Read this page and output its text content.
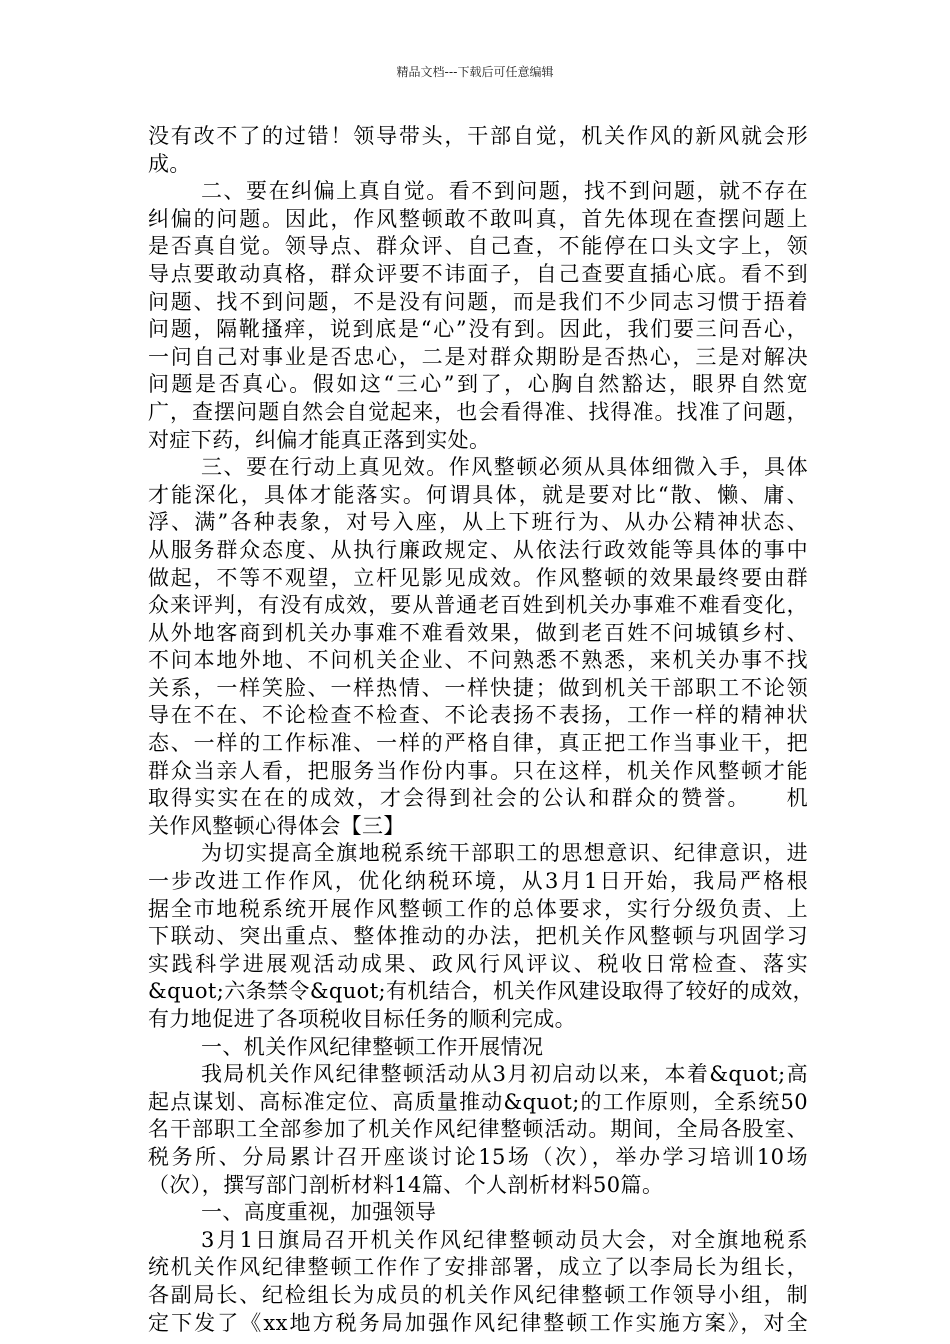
精品文档---下载后可任意编辑
没有改不了的过错！领导带头，干部自觉，机关作风的新风就会形
成。
二、要在纠偏上真自觉。看不到问题，找不到问题，就不存在
纠偏的问题。因此，作风整顿敢不敢叫真，首先体现在查摆问题上
是否真自觉。领导点、群众评、自己查，不能停在口头文字上，领
导点要敢动真格，群众评要不讳面子，自己查要直插心底。看不到
问题、找不到问题，不是没有问题，而是我们不少同志习惯于捂着
问题，隔靴搔痒，说到底是“心”没有到。因此，我们要三问吾心，
一问自己对事业是否忠心，二是对群众期盼是否热心，三是对解决
问题是否真心。假如这“三心”到了，心胸自然豁达，眼界自然宽
广，查摆问题自然会自觉起来，也会看得准、找得准。找准了问题，
对症下药，纠偏才能真正落到实处。
三、要在行动上真见效。作风整顿必须从具体细微入手，具体
才能深化，具体才能落实。何谓具体，就是要对比“散、懒、庸、
浮、满”各种表象，对号入座，从上下班行为、从办公精神状态、
从服务群众态度、从执行廉政规定、从依法行政效能等具体的事中
做起，不等不观望，立杆见影见成效。作风整顿的效果最终要由群
众来评判，有没有成效，要从普通老百姓到机关办事难不难看变化，
从外地客商到机关办事难不难看效果，做到老百姓不问城镇乡村、
不问本地外地、不问机关企业、不问熟悉不熟悉，来机关办事不找
关系，一样笑脸、一样热情、一样快捷；做到机关干部职工不论领
导在不在、不论检查不检查、不论表扬不表扬，工作一样的精神状
态、一样的工作标准、一样的严格自律，真正把工作当事业干，把
群众当亲人看，把服务当作份内事。只在这样，机关作风整顿才能
取得实实在在的成效，才会得到社会的公认和群众的赞誉。　　机
关作风整顿心得体会【三】
为切实提高全旗地税系统干部职工的思想意识、纪律意识，进
一步改进工作作风，优化纳税环境，从3月1日开始，我局严格根
据全市地税系统开展作风整顿工作的总体要求，实行分级负责、上
下联动、突出重点、整体推动的办法，把机关作风整顿与巩固学习
实践科学进展观活动成果、政风行风评议、税收日常检查、落实
&quot;六条禁令&quot;有机结合，机关作风建设取得了较好的成效，
有力地促进了各项税收目标任务的顺利完成。
一、机关作风纪律整顿工作开展情况
我局机关作风纪律整顿活动从3月初启动以来，本着&quot;高
起点谋划、高标准定位、高质量推动&quot;的工作原则，全系统50
名干部职工全部参加了机关作风纪律整顿活动。期间，全局各股室、
税务所、分局累计召开座谈讨论15场（次），举办学习培训10场
（次），撰写部门剖析材料14篇、个人剖析材料50篇。
一、高度重视，加强领导
3月1日旗局召开机关作风纪律整顿动员大会，对全旗地税系
统机关作风纪律整顿工作作了安排部署，成立了以李局长为组长，
各副局长、纪检组长为成员的机关作风纪律整顿工作领导小组，制
定下发了《xx地方税务局加强作风纪律整顿工作实施方案》，对全
